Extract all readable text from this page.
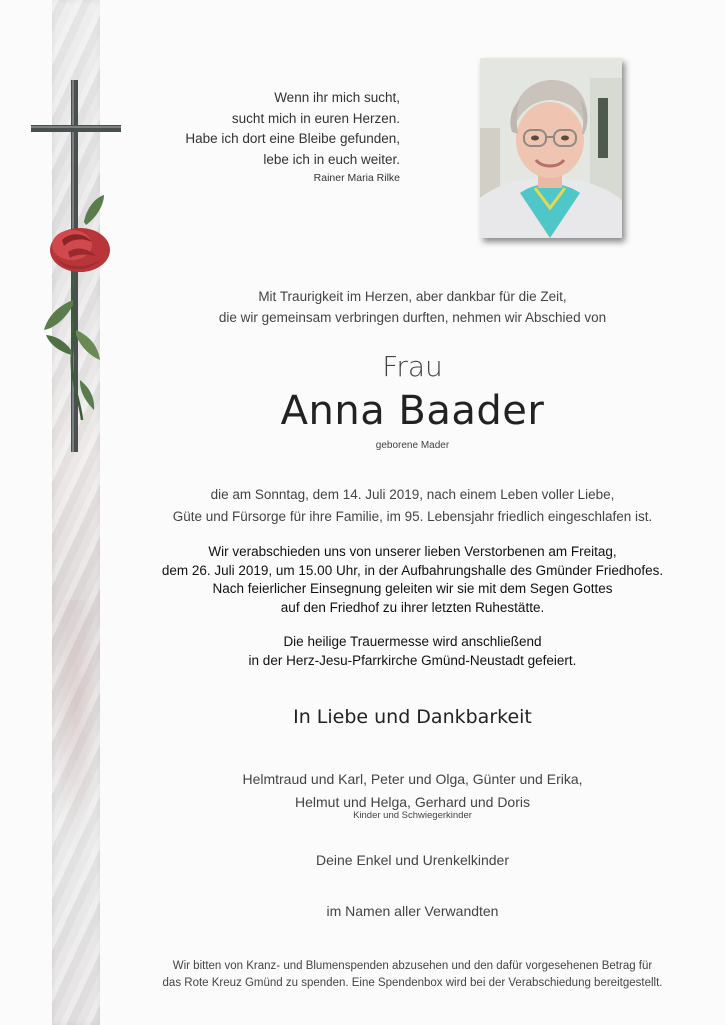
Wenn ihr mich sucht,
sucht mich in euren Herzen.
Habe ich dort eine Bleibe gefunden,
lebe ich in euch weiter.
Rainer Maria Rilke
Mit Traurigkeit im Herzen, aber dankbar für die Zeit,
die wir gemeinsam verbringen durften, nehmen wir Abschied von
Frau
Anna Baader
geborene Mader
die am Sonntag, dem 14. Juli 2019, nach einem Leben voller Liebe,
Güte und Fürsorge für ihre Familie, im 95. Lebensjahr friedlich eingeschlafen ist.
Wir verabschieden uns von unserer lieben Verstorbenen am Freitag,
dem 26. Juli 2019, um 15.00 Uhr, in der Aufbahrungshalle des Gmünder Friedhofes.
Nach feierlicher Einsegnung geleiten wir sie mit dem Segen Gottes
auf den Friedhof zu ihrer letzten Ruhestätte.
Die heilige Trauermesse wird anschließend
in der Herz-Jesu-Pfarrkirche Gmünd-Neustadt gefeiert.
In Liebe und Dankbarkeit
Helmtraud und Karl, Peter und Olga, Günter und Erika,
Helmut und Helga, Gerhard und Doris
Kinder und Schwiegerkinder
Deine Enkel und Urenkelkinder
im Namen aller Verwandten
Wir bitten von Kranz- und Blumenspenden abzusehen und den dafür vorgesehenen Betrag für
das Rote Kreuz Gmünd zu spenden. Eine Spendenbox wird bei der Verabschiedung bereitgestellt.
